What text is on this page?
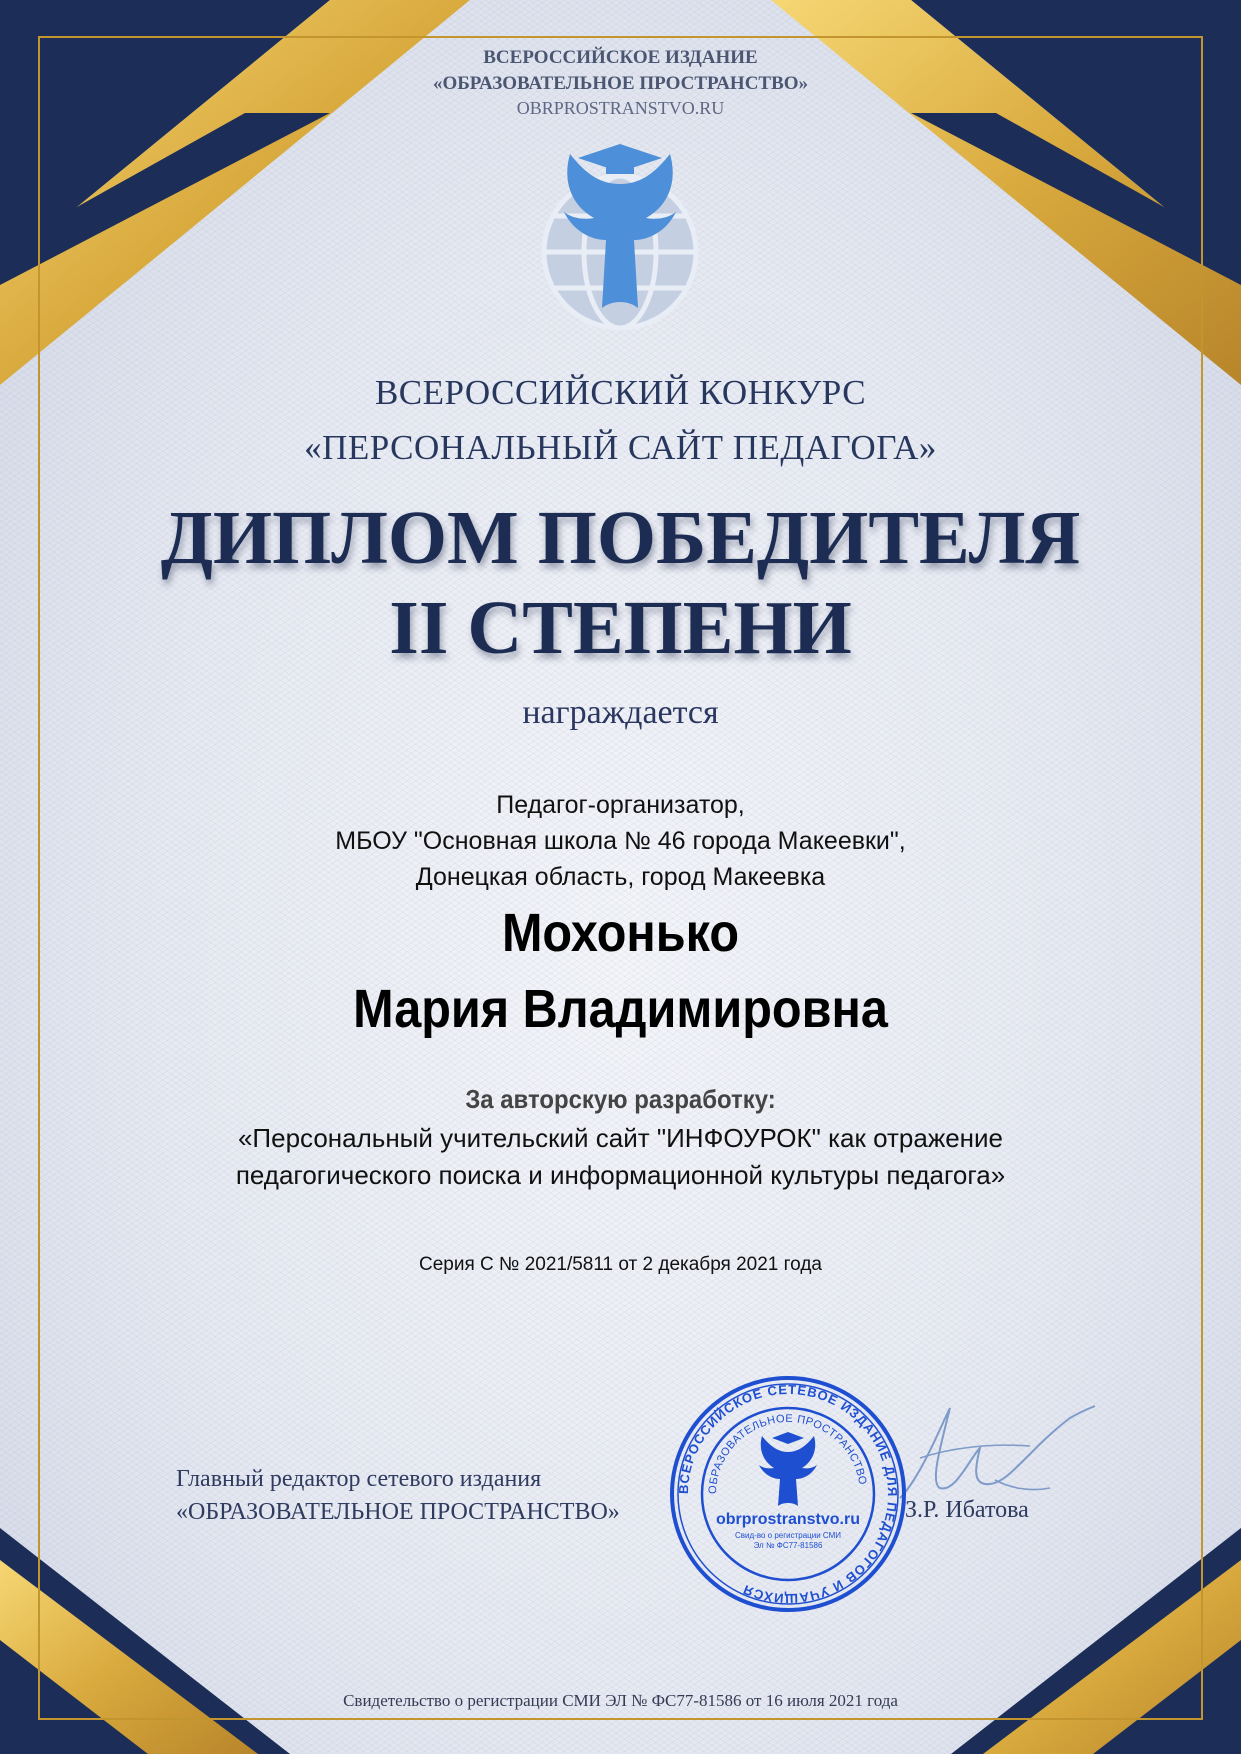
ВСЕРОССИЙСКОЕ ИЗДАНИЕ

«ОБРАЗОВАТЕЛЬНОЕ ПРОСТРАНСТВО»

OBRPROSTRANSTVO.RU

ВСЕРОССИЙСКИЙ КОНКУРС

«ПЕРСОНАЛЬНЫЙ САЙТ ПЕДАГОГА»

ДИПЛОМ ПОБЕДИТЕЛЯ

II СТЕПЕНИ

награждается

Педагог-организатор,
МБОУ "Основная школа № 46 города Макеевки",
Донецкая область, город Макеевка

Мохонько

Мария Владимировна

За авторскую разработку:

«Персональный учительский сайт "ИНФОУРОК" как отражение
педагогического поиска и информационной культуры педагога»

Серия С № 2021/5811 от 2 декабря 2021 года

Главный редактор сетевого издания
«ОБРАЗОВАТЕЛЬНОЕ ПРОСТРАНСТВО»
ВСЕРОССИЙСКОЕ СЕТЕВОЕ ИЗДАНИЕ ДЛЯ ПЕДАГОГОВ И УЧАЩИХСЯ
ОБРАЗОВАТЕЛЬНОЕ ПРОСТРАНСТВО
obrprostranstvo.ru
Свид-во о регистрации СМИ
Эл № ФС77-81586
З.Р. Ибатова

Свидетельство о регистрации СМИ ЭЛ № ФС77-81586 от 16 июля 2021 года
